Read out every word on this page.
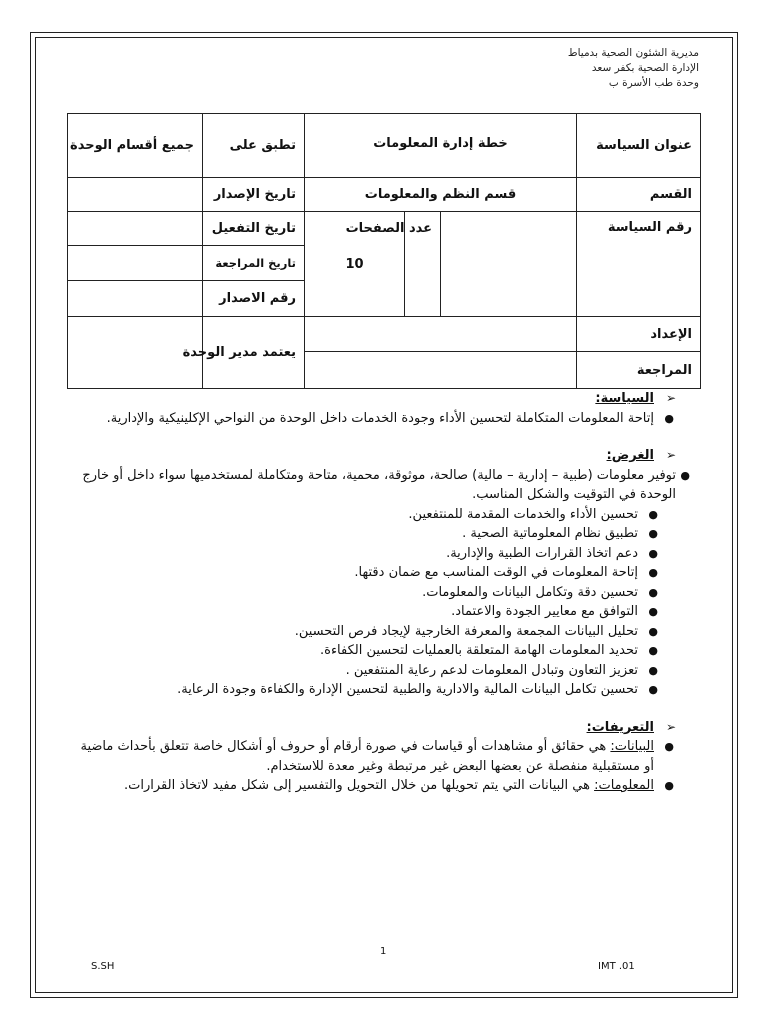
مديرية الشئون الصحية بدمياط
الإدارة الصحية بكفر سعد
وحدة طب الأسرة ب
عنوان السياسة	خطة إدارة المعلومات			تطبق على	جميع أقسام الوحدة
القسم	قسم النظم والمعلومات			تاريخ الإصدار	
رقم السياسة		عدد الصفحات	10	تاريخ التفعيل	
				تاريخ المراجعة	
				رقم الاصدار	
الإعداد				يعتمد مدير الوحدة	
المراجعة					
➢
السياسة:
●
إتاحة المعلومات المتكاملة لتحسين الأداء وجودة الخدمات داخل الوحدة من النواحي الإكلينيكية والإدارية.
➢
الغرض:
●
توفير معلومات (طبية – إدارية – مالية) صالحة، موثوقة، محمية، متاحة ومتكاملة لمستخدميها سواء داخل أو خارج الوحدة في التوقيت والشكل المناسب.
●
تحسين الأداء والخدمات المقدمة للمنتفعين.
●
تطبيق نظام المعلوماتية الصحية .
●
دعم اتخاذ القرارات الطبية والإدارية.
●
إتاحة المعلومات في الوقت المناسب مع ضمان دقتها.
●
تحسين دقة وتكامل البيانات والمعلومات.
●
التوافق مع معايير الجودة والاعتماد.
●
تحليل البيانات المجمعة والمعرفة الخارجية لإيجاد فرص التحسين.
●
تحديد المعلومات الهامة المتعلقة بالعمليات لتحسين الكفاءة.
●
تعزيز التعاون وتبادل المعلومات لدعم رعاية المنتفعين .
●
تحسين تكامل البيانات المالية والادارية والطبية لتحسين الإدارة والكفاءة وجودة الرعاية.
➢
التعريفات:
●
البيانات: هي حقائق أو مشاهدات أو قياسات في صورة أرقام أو حروف أو أشكال خاصة تتعلق بأحداث ماضية أو مستقبلية منفصلة عن بعضها البعض غير مرتبطة وغير معدة للاستخدام.
●
المعلومات: هي البيانات التي يتم تحويلها من خلال التحويل والتفسير إلى شكل مفيد لاتخاذ القرارات.
S.SH
1
IMT .01
